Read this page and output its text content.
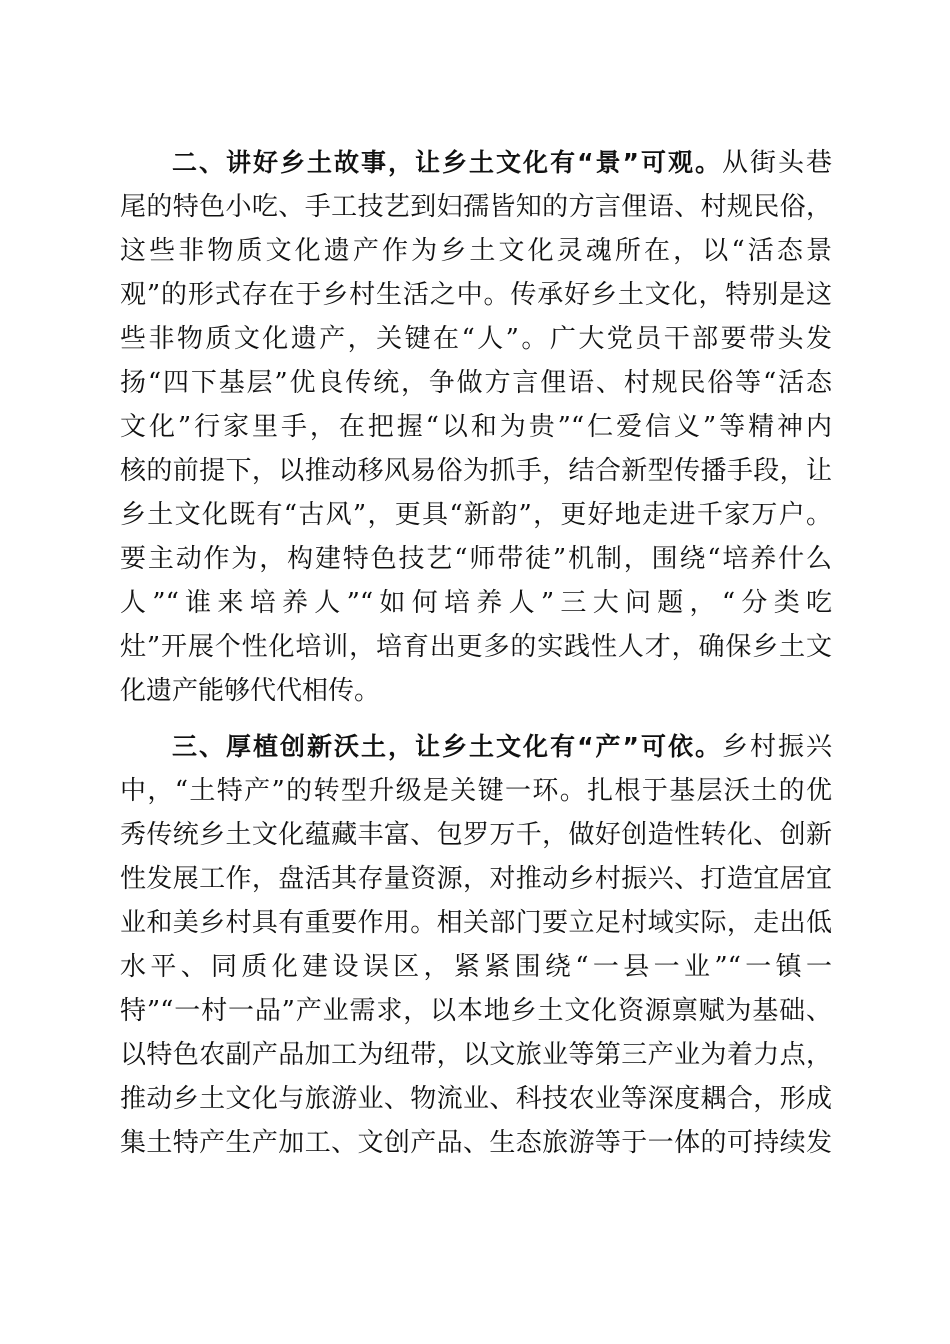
二、讲好乡土故事，让乡土文化有“景”可观。从街头巷
尾的特色小吃、手工技艺到妇孺皆知的方言俚语、村规民俗，
这些非物质文化遗产作为乡土文化灵魂所在，以“活态景
观”的形式存在于乡村生活之中。传承好乡土文化，特别是这
些非物质文化遗产，关键在“人”。广大党员干部要带头发
扬“四下基层”优良传统，争做方言俚语、村规民俗等“活态
文化”行家里手，在把握“以和为贵”“仁爱信义”等精神内
核的前提下，以推动移风易俗为抓手，结合新型传播手段，让
乡土文化既有“古风”，更具“新韵”，更好地走进千家万户。
要主动作为，构建特色技艺“师带徒”机制，围绕“培养什么
人”“谁来培养人”“如何培养人”三大问题，“分类吃
灶”开展个性化培训，培育出更多的实践性人才，确保乡土文
化遗产能够代代相传。
三、厚植创新沃土，让乡土文化有“产”可依。乡村振兴
中，“土特产”的转型升级是关键一环。扎根于基层沃土的优
秀传统乡土文化蕴藏丰富、包罗万千，做好创造性转化、创新
性发展工作，盘活其存量资源，对推动乡村振兴、打造宜居宜
业和美乡村具有重要作用。相关部门要立足村域实际，走出低
水平、同质化建设误区，紧紧围绕“一县一业”“一镇一
特”“一村一品”产业需求，以本地乡土文化资源禀赋为基础、
以特色农副产品加工为纽带，以文旅业等第三产业为着力点，
推动乡土文化与旅游业、物流业、科技农业等深度耦合，形成
集土特产生产加工、文创产品、生态旅游等于一体的可持续发
